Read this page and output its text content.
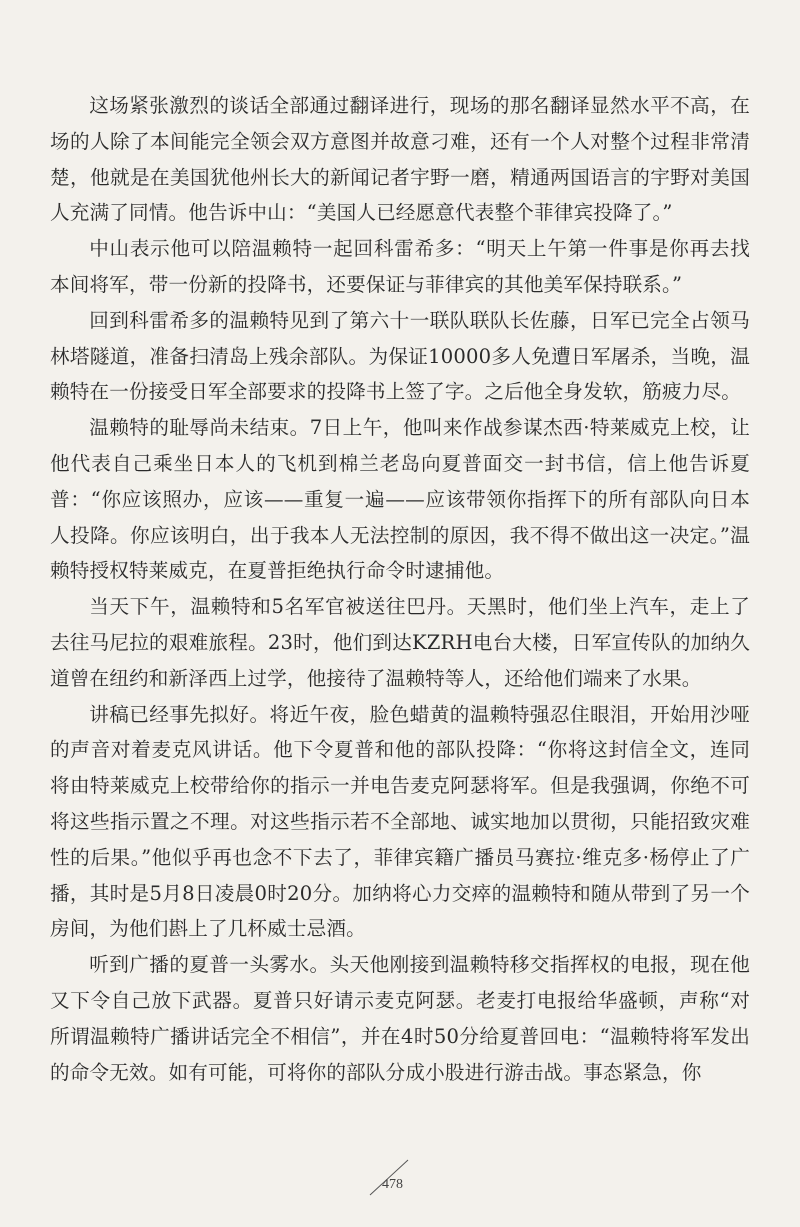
这场紧张激烈的谈话全部通过翻译进行，现场的那名翻译显然水平不高，在场的人除了本间能完全领会双方意图并故意刁难，还有一个人对整个过程非常清楚，他就是在美国犹他州长大的新闻记者宇野一磨，精通两国语言的宇野对美国人充满了同情。他告诉中山：“美国人已经愿意代表整个菲律宾投降了。”

中山表示他可以陪温赖特一起回科雷希多：“明天上午第一件事是你再去找本间将军，带一份新的投降书，还要保证与菲律宾的其他美军保持联系。”

回到科雷希多的温赖特见到了第六十一联队联队长佐藤，日军已完全占领马林塔隧道，准备扫清岛上残余部队。为保证10000多人免遭日军屠杀，当晚，温赖特在一份接受日军全部要求的投降书上签了字。之后他全身发软，筋疲力尽。

温赖特的耻辱尚未结束。7日上午，他叫来作战参谋杰西·特莱威克上校，让他代表自己乘坐日本人的飞机到棉兰老岛向夏普面交一封书信，信上他告诉夏普：“你应该照办，应该——重复一遍——应该带领你指挥下的所有部队向日本人投降。你应该明白，出于我本人无法控制的原因，我不得不做出这一决定。”温赖特授权特莱威克，在夏普拒绝执行命令时逮捕他。

当天下午，温赖特和5名军官被送往巴丹。天黑时，他们坐上汽车，走上了去往马尼拉的艰难旅程。23时，他们到达KZRH电台大楼，日军宣传队的加纳久道曾在纽约和新泽西上过学，他接待了温赖特等人，还给他们端来了水果。

讲稿已经事先拟好。将近午夜，脸色蜡黄的温赖特强忍住眼泪，开始用沙哑的声音对着麦克风讲话。他下令夏普和他的部队投降：“你将这封信全文，连同将由特莱威克上校带给你的指示一并电告麦克阿瑟将军。但是我强调，你绝不可将这些指示置之不理。对这些指示若不全部地、诚实地加以贯彻，只能招致灾难性的后果。”他似乎再也念不下去了，菲律宾籍广播员马赛拉·维克多·杨停止了广播，其时是5月8日凌晨0时20分。加纳将心力交瘁的温赖特和随从带到了另一个房间，为他们斟上了几杯威士忌酒。

听到广播的夏普一头雾水。头天他刚接到温赖特移交指挥权的电报，现在他又下令自己放下武器。夏普只好请示麦克阿瑟。老麦打电报给华盛顿，声称“对所谓温赖特广播讲话完全不相信”，并在4时50分给夏普回电：“温赖特将军发出的命令无效。如有可能，可将你的部队分成小股进行游击战。事态紧急，你

478
